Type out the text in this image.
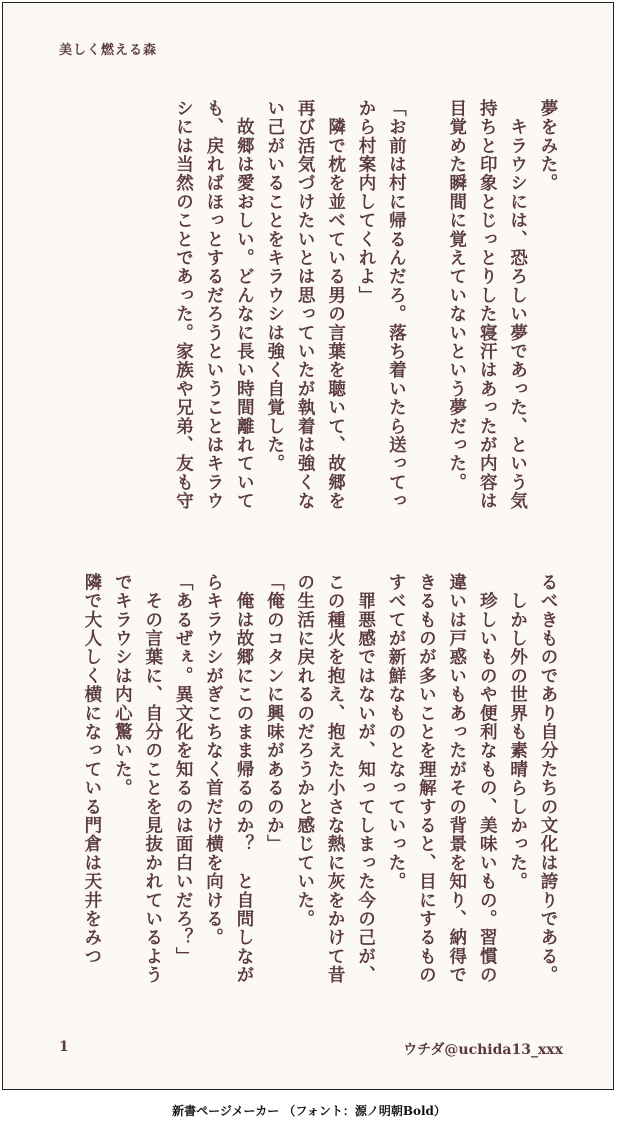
美しく燃える森

夢をみた。

　キラウシには、恐ろしい夢であった、という気

持ちと印象とじっとりした寝汗はあったが内容は

目覚めた瞬間に覚えていないという夢だった。

「お前は村に帰るんだろ。落ち着いたら送ってっ

から村案内してくれよ」

　隣で枕を並べている男の言葉を聴いて、故郷を

再び活気づけたいとは思っていたが執着は強くな

い己がいることをキラウシは強く自覚した。

　故郷は愛おしい。どんなに長い時間離れていて

も、戻ればほっとするだろうということはキラウ

シには当然のことであった。家族や兄弟、友も守

るべきものであり自分たちの文化は誇りである。

　しかし外の世界も素晴らしかった。

　珍しいものや便利なもの、美味いもの。習慣の

違いは戸惑いもあったがその背景を知り、納得で

きるものが多いことを理解すると、目にするもの

すべてが新鮮なものとなっていった。

　罪悪感ではないが、知ってしまった今の己が、

この種火を抱え、抱えた小さな熱に灰をかけて昔

の生活に戻れるのだろうかと感じていた。

「俺のコタンに興味があるのか」

　俺は故郷にこのまま帰るのか？　と自問しなが

らキラウシがぎこちなく首だけ横を向ける。

「あるぜぇ。異文化を知るのは面白いだろ？」

　その言葉に、自分のことを見抜かれているよう

でキラウシは内心驚いた。

隣で大人しく横になっている門倉は天井をみつ

1	ウチダ@uchida13_xxx
新書ページメーカー （フォント：源ノ明朝Bold）
